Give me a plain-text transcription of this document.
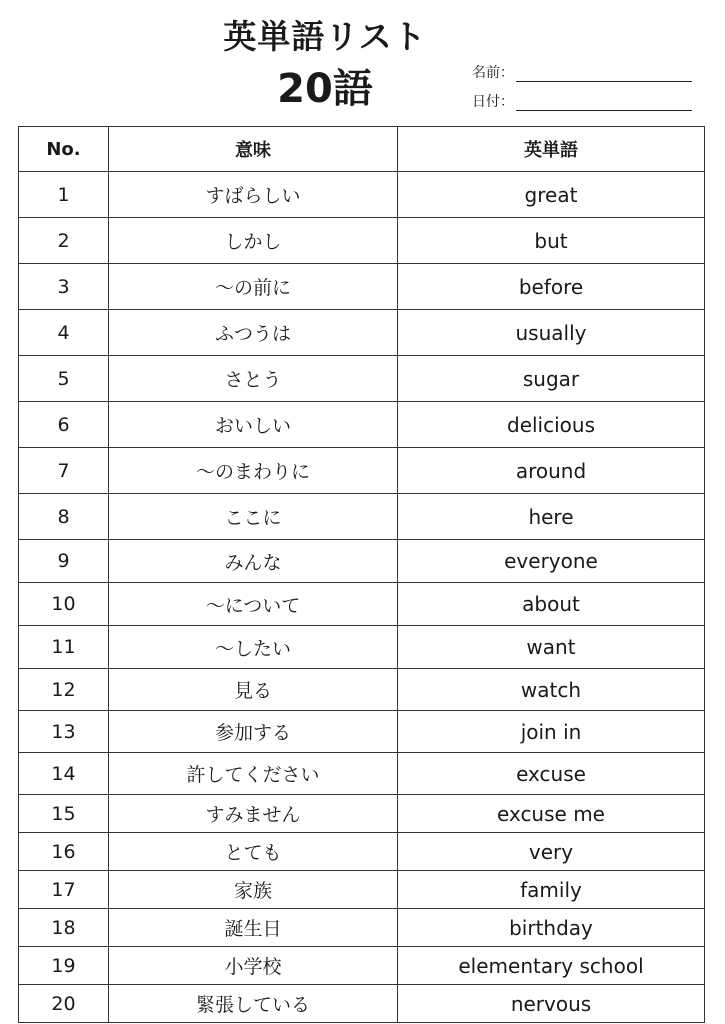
英単語リスト
20語	名前：
日付：
No.	意味	英単語
1	すばらしい	great
2	しかし	but
3	～の前に	before
4	ふつうは	usually
5	さとう	sugar
6	おいしい	delicious
7	～のまわりに	around
8	ここに	here
9	みんな	everyone
10	～について	about
11	～したい	want
12	見る	watch
13	参加する	join in
14	許してください	excuse
15	すみません	excuse me
16	とても	very
17	家族	family
18	誕生日	birthday
19	小学校	elementary school
20	緊張している	nervous
